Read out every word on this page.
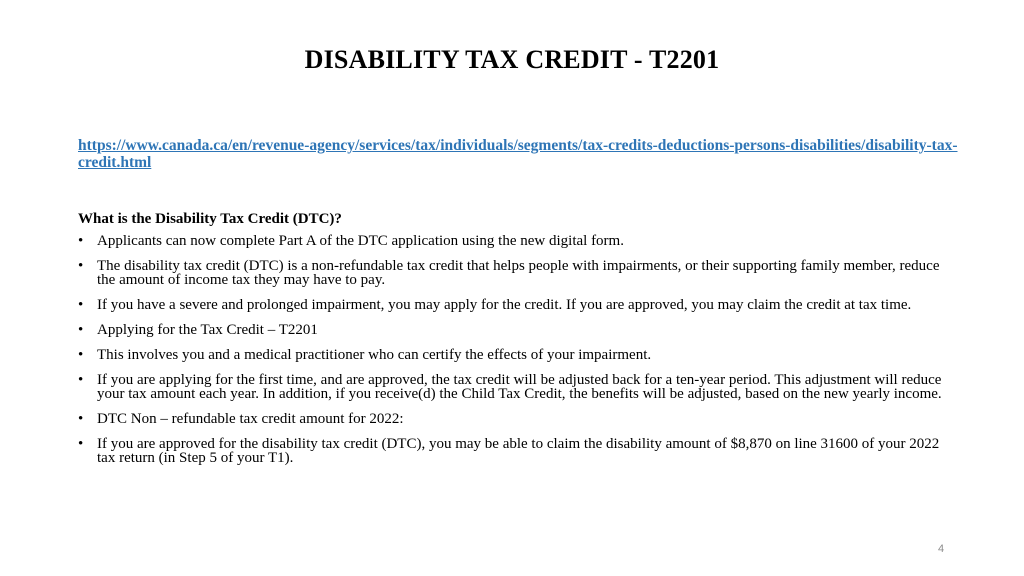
DISABILITY TAX CREDIT - T2201
https://www.canada.ca/en/revenue-agency/services/tax/individuals/segments/tax-credits-deductions-persons-disabilities/disability-tax-credit.html

What is the Disability Tax Credit (DTC)?

• Applicants can now complete Part A of the DTC application using the new digital form.
• The disability tax credit (DTC) is a non-refundable tax credit that helps people with impairments, or their supporting family member, reduce the amount of income tax they may have to pay.
• If you have a severe and prolonged impairment, you may apply for the credit. If you are approved, you may claim the credit at tax time.
• Applying for the Tax Credit – T2201
• This involves you and a medical practitioner who can certify the effects of your impairment.
• If you are applying for the first time, and are approved, the tax credit will be adjusted back for a ten-year period. This adjustment will reduce your tax amount each year. In addition, if you receive(d) the Child Tax Credit, the benefits will be adjusted, based on the new yearly income.
• DTC Non – refundable tax credit amount for 2022:
• If you are approved for the disability tax credit (DTC), you may be able to claim the disability amount of $8,870 on line 31600 of your 2022 tax return (in Step 5 of your T1).
4
